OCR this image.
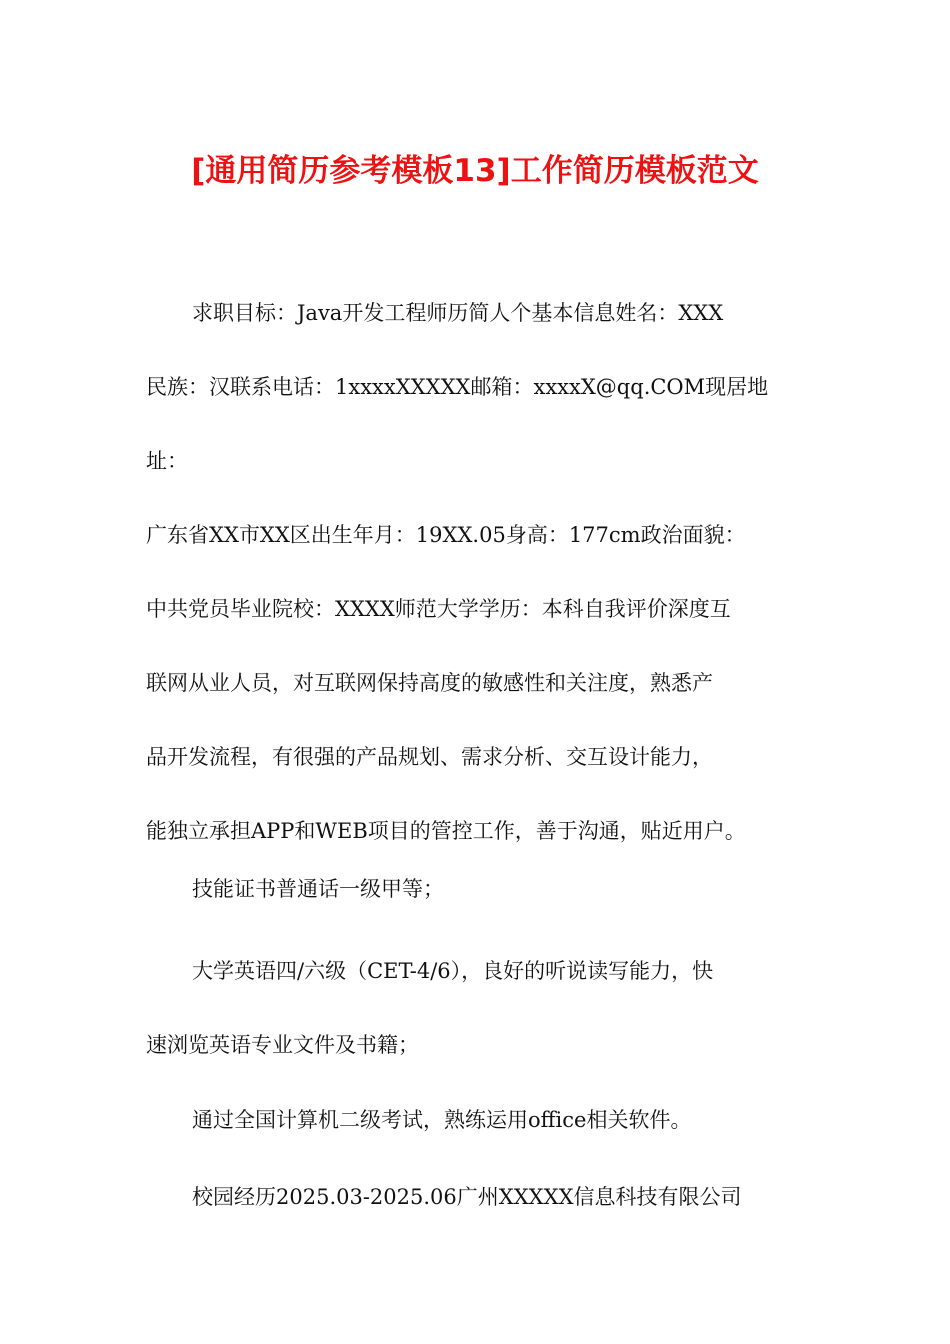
[通用简历参考模板13]工作简历模板范文

求职目标：Java开发工程师历简人个基本信息姓名：XXX
民族：汉联系电话：1xxxxXXXXX邮箱：xxxxX@qq.COM现居地址：
广东省XX市XX区出生年月：19XX.05身高：177cm政治面貌：
中共党员毕业院校：XXXX师范大学学历：本科自我评价深度互
联网从业人员，对互联网保持高度的敏感性和关注度，熟悉产
品开发流程，有很强的产品规划、需求分析、交互设计能力，
能独立承担APP和WEB项目的管控工作，善于沟通，贴近用户。

技能证书普通话一级甲等；

大学英语四/六级（CET-4/6），良好的听说读写能力，快
速浏览英语专业文件及书籍；

通过全国计算机二级考试，熟练运用office相关软件。

校园经历2025.03-2025.06广州XXXXX信息科技有限公司
